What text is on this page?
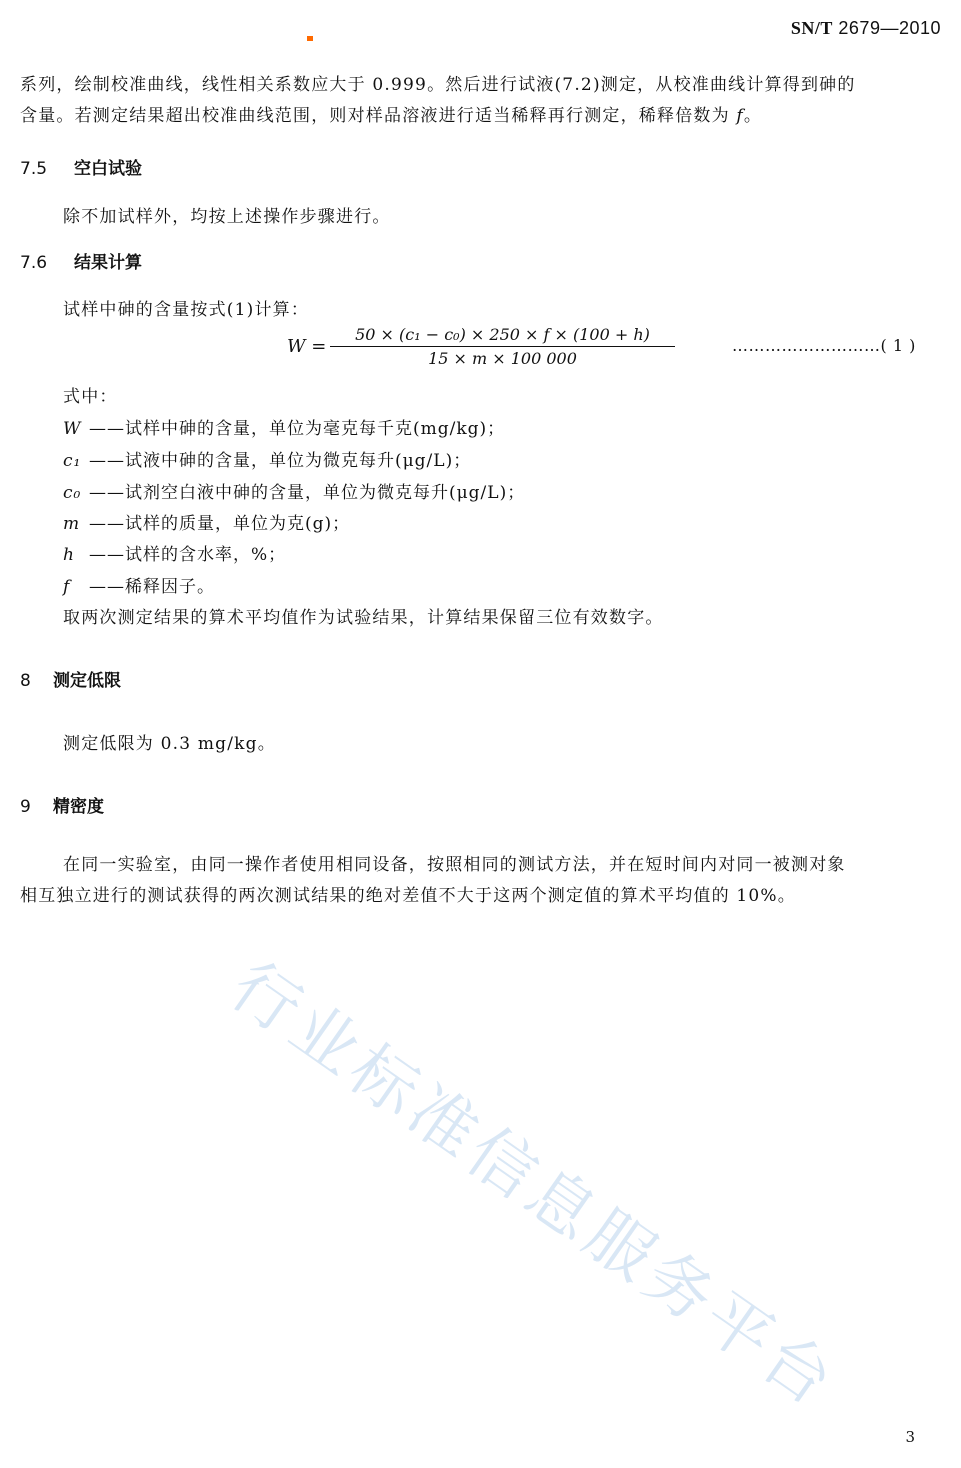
SN/T 2679—2010
系列，绘制校准曲线，线性相关系数应大于 0.999。然后进行试液(7.2)测定，从校准曲线计算得到砷的
含量。若测定结果超出校准曲线范围，则对样品溶液进行适当稀释再行测定，稀释倍数为 f。
7.5 空白试验
除不加试样外，均按上述操作步骤进行。
7.6 结果计算
试样中砷的含量按式(1)计算：
$W = \frac{\text{50 × (c₁ − c₀) × 250 × f × (100 + h)}}{15 \times m \times 100 000}$	………………………( 1 )
式中：
W ——试样中砷的含量，单位为毫克每千克(mg/kg)；
c₁ ——试液中砷的含量，单位为微克每升(μg/L)；
c₀ ——试剂空白液中砷的含量，单位为微克每升(μg/L)；
m ——试样的质量，单位为克(g)；
h ——试样的含水率，%；
f ——稀释因子。
取两次测定结果的算术平均值作为试验结果，计算结果保留三位有效数字。
8 测定低限
测定低限为 0.3 mg/kg。
9 精密度
在同一实验室，由同一操作者使用相同设备，按照相同的测试方法，并在短时间内对同一被测对象
相互独立进行的测试获得的两次测试结果的绝对差值不大于这两个测定值的算术平均值的 10%。
行业标准信息服务平台
3
